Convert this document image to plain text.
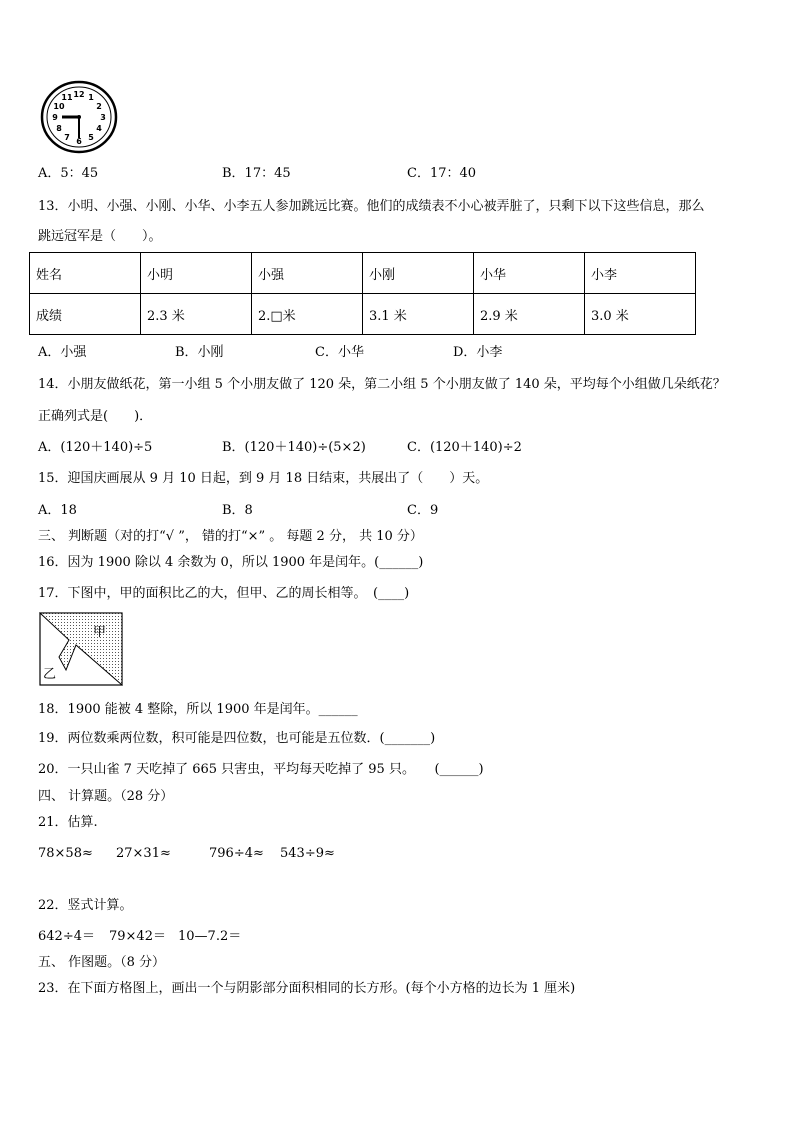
12 1
2
3
4
5
6
7
8
9
10
11
A．5：45	B．17：45	C．17：40
13．小明、小强、小刚、小华、小李五人参加跳远比赛。他们的成绩表不小心被弄脏了，只剩下以下这些信息，那么
跳远冠军是（　　）。
姓名	小明	小强	小刚	小华	小李
成绩	2.3 米	2.□米	3.1 米	2.9 米	3.0 米
A．小强	B．小刚	C．小华	D．小李
14．小朋友做纸花，第一小组 5 个小朋友做了 120 朵，第二小组 5 个小朋友做了 140 朵，平均每个小组做几朵纸花？
正确列式是(　　)．
A．(120＋140)÷5	B．(120＋140)÷(5×2)	C．(120＋140)÷2
15．迎国庆画展从 9 月 10 日起，到 9 月 18 日结束，共展出了（　　）天。
A．18	B．8	C．9
三、 判断题（对的打“√ ”， 错的打“×” 。 每题 2 分， 共 10 分）
16．因为 1900 除以 4 余数为 0，所以 1900 年是闰年。(______)
17．下图中，甲的面积比乙的大，但甲、乙的周长相等。　(____)
甲
乙
18．1900 能被 4 整除，所以 1900 年是闰年。______
19．两位数乘两位数，积可能是四位数，也可能是五位数．(_______)
20．一只山雀 7 天吃掉了 665 只害虫，平均每天吃掉了 95 只。　　(______)
四、 计算题。（28 分）
21．估算.
78×58≈ 27×31≈	796÷4≈ 543÷9≈
22．竖式计算。
642÷4＝ 79×42＝ 10—7.2＝
五、 作图题。（8 分）
23．在下面方格图上，画出一个与阴影部分面积相同的长方形。(每个小方格的边长为 1 厘米)
